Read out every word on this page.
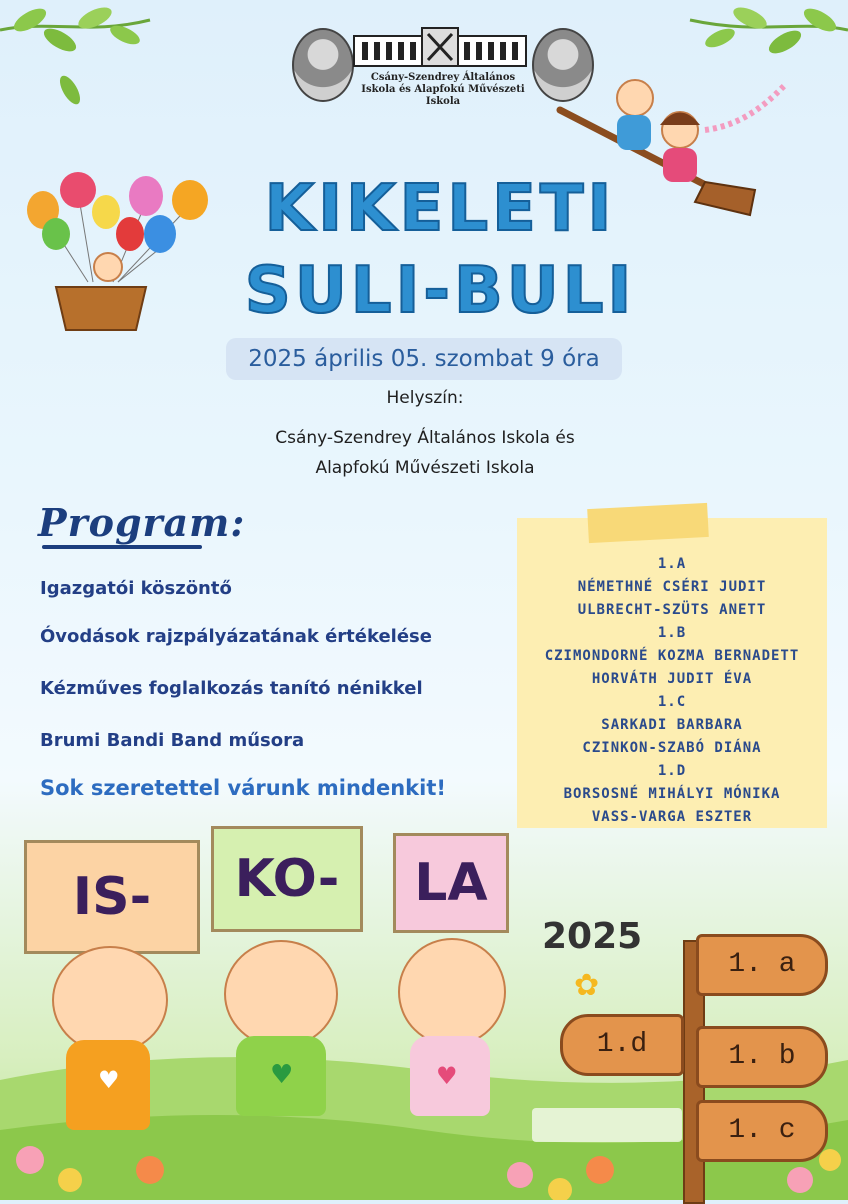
Csány-Szendrey Általános Iskola és Alapfokú Művészeti Iskola
KIKELETI
SULI-BULI
2025 április 05. szombat 9 óra
Helyszín:
Csány-Szendrey Általános Iskola és
Alapfokú Művészeti Iskola
Program:
Igazgatói köszöntő
Óvodások rajzpályázatának értékelése
Kézműves foglalkozás tanító nénikkel
Brumi Bandi Band műsora
Sok szeretettel várunk mindenkit!
1.A
NÉMETHNÉ CSÉRI JUDIT
ULBRECHT-SZÜTS ANETT
1.B
CZIMONDORNÉ KOZMA BERNADETT
HORVÁTH JUDIT ÉVA
1.C
SARKADI BARBARA
CZINKON-SZABÓ DIÁNA
1.D
BORSOSNÉ MIHÁLYI MÓNIKA
VASS-VARGA ESZTER
IS-
♥
KO-
♥
LA
♥
2025
1. a
1.d	1. b
1. c
✿
